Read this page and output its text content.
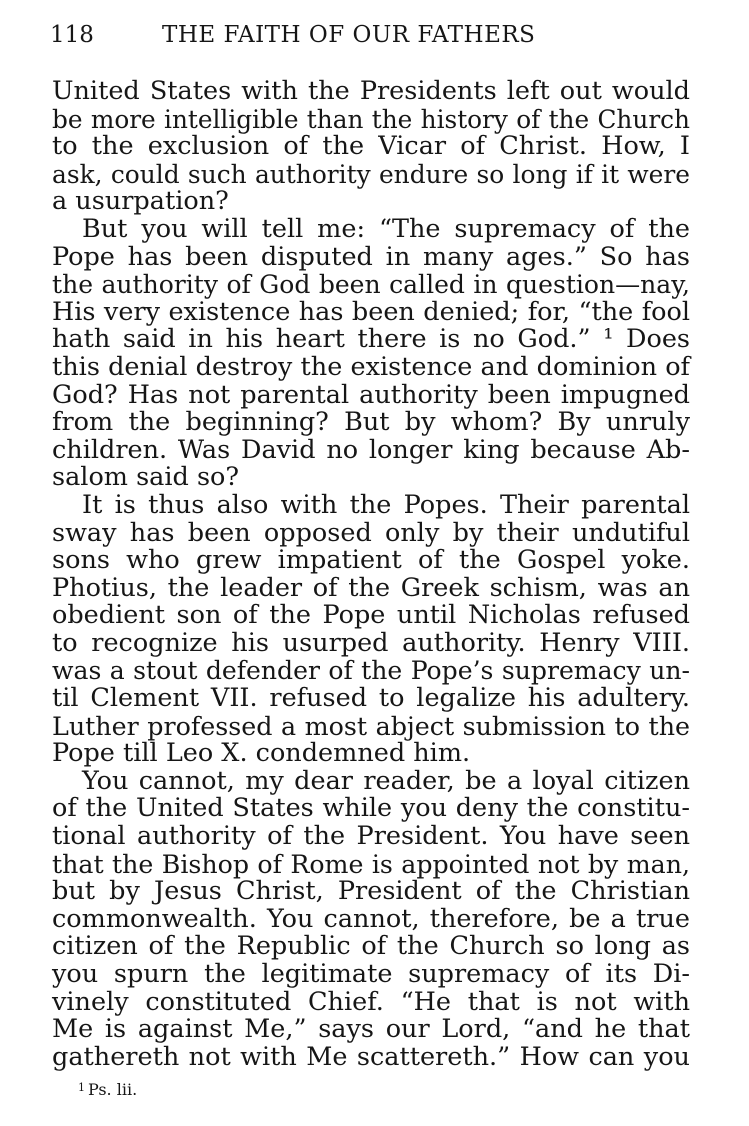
118	THE FAITH OF OUR FATHERS
United States with the Presidents left out would
be more intelligible than the history of the Church
to the exclusion of the Vicar of Christ. How, I
ask, could such authority endure so long if it were
a usurpation?
But you will tell me: “The supremacy of the
Pope has been disputed in many ages.” So has
the authority of God been called in question—nay,
His very existence has been denied; for, “the fool
hath said in his heart there is no God.” ¹ Does
this denial destroy the existence and dominion of
God? Has not parental authority been impugned
from the beginning? But by whom? By unruly
children. Was David no longer king because Ab-
salom said so?
It is thus also with the Popes. Their parental
sway has been opposed only by their undutiful
sons who grew impatient of the Gospel yoke.
Photius, the leader of the Greek schism, was an
obedient son of the Pope until Nicholas refused
to recognize his usurped authority. Henry VIII.
was a stout defender of the Pope’s supremacy un-
til Clement VII. refused to legalize his adultery.
Luther professed a most abject submission to the
Pope till Leo X. condemned him.
You cannot, my dear reader, be a loyal citizen
of the United States while you deny the constitu-
tional authority of the President. You have seen
that the Bishop of Rome is appointed not by man,
but by Jesus Christ, President of the Christian
commonwealth. You cannot, therefore, be a true
citizen of the Republic of the Church so long as
you spurn the legitimate supremacy of its Di-
vinely constituted Chief. “He that is not with
Me is against Me,” says our Lord, “and he that
gathereth not with Me scattereth.” How can you
$^1$ Ps. lii.
